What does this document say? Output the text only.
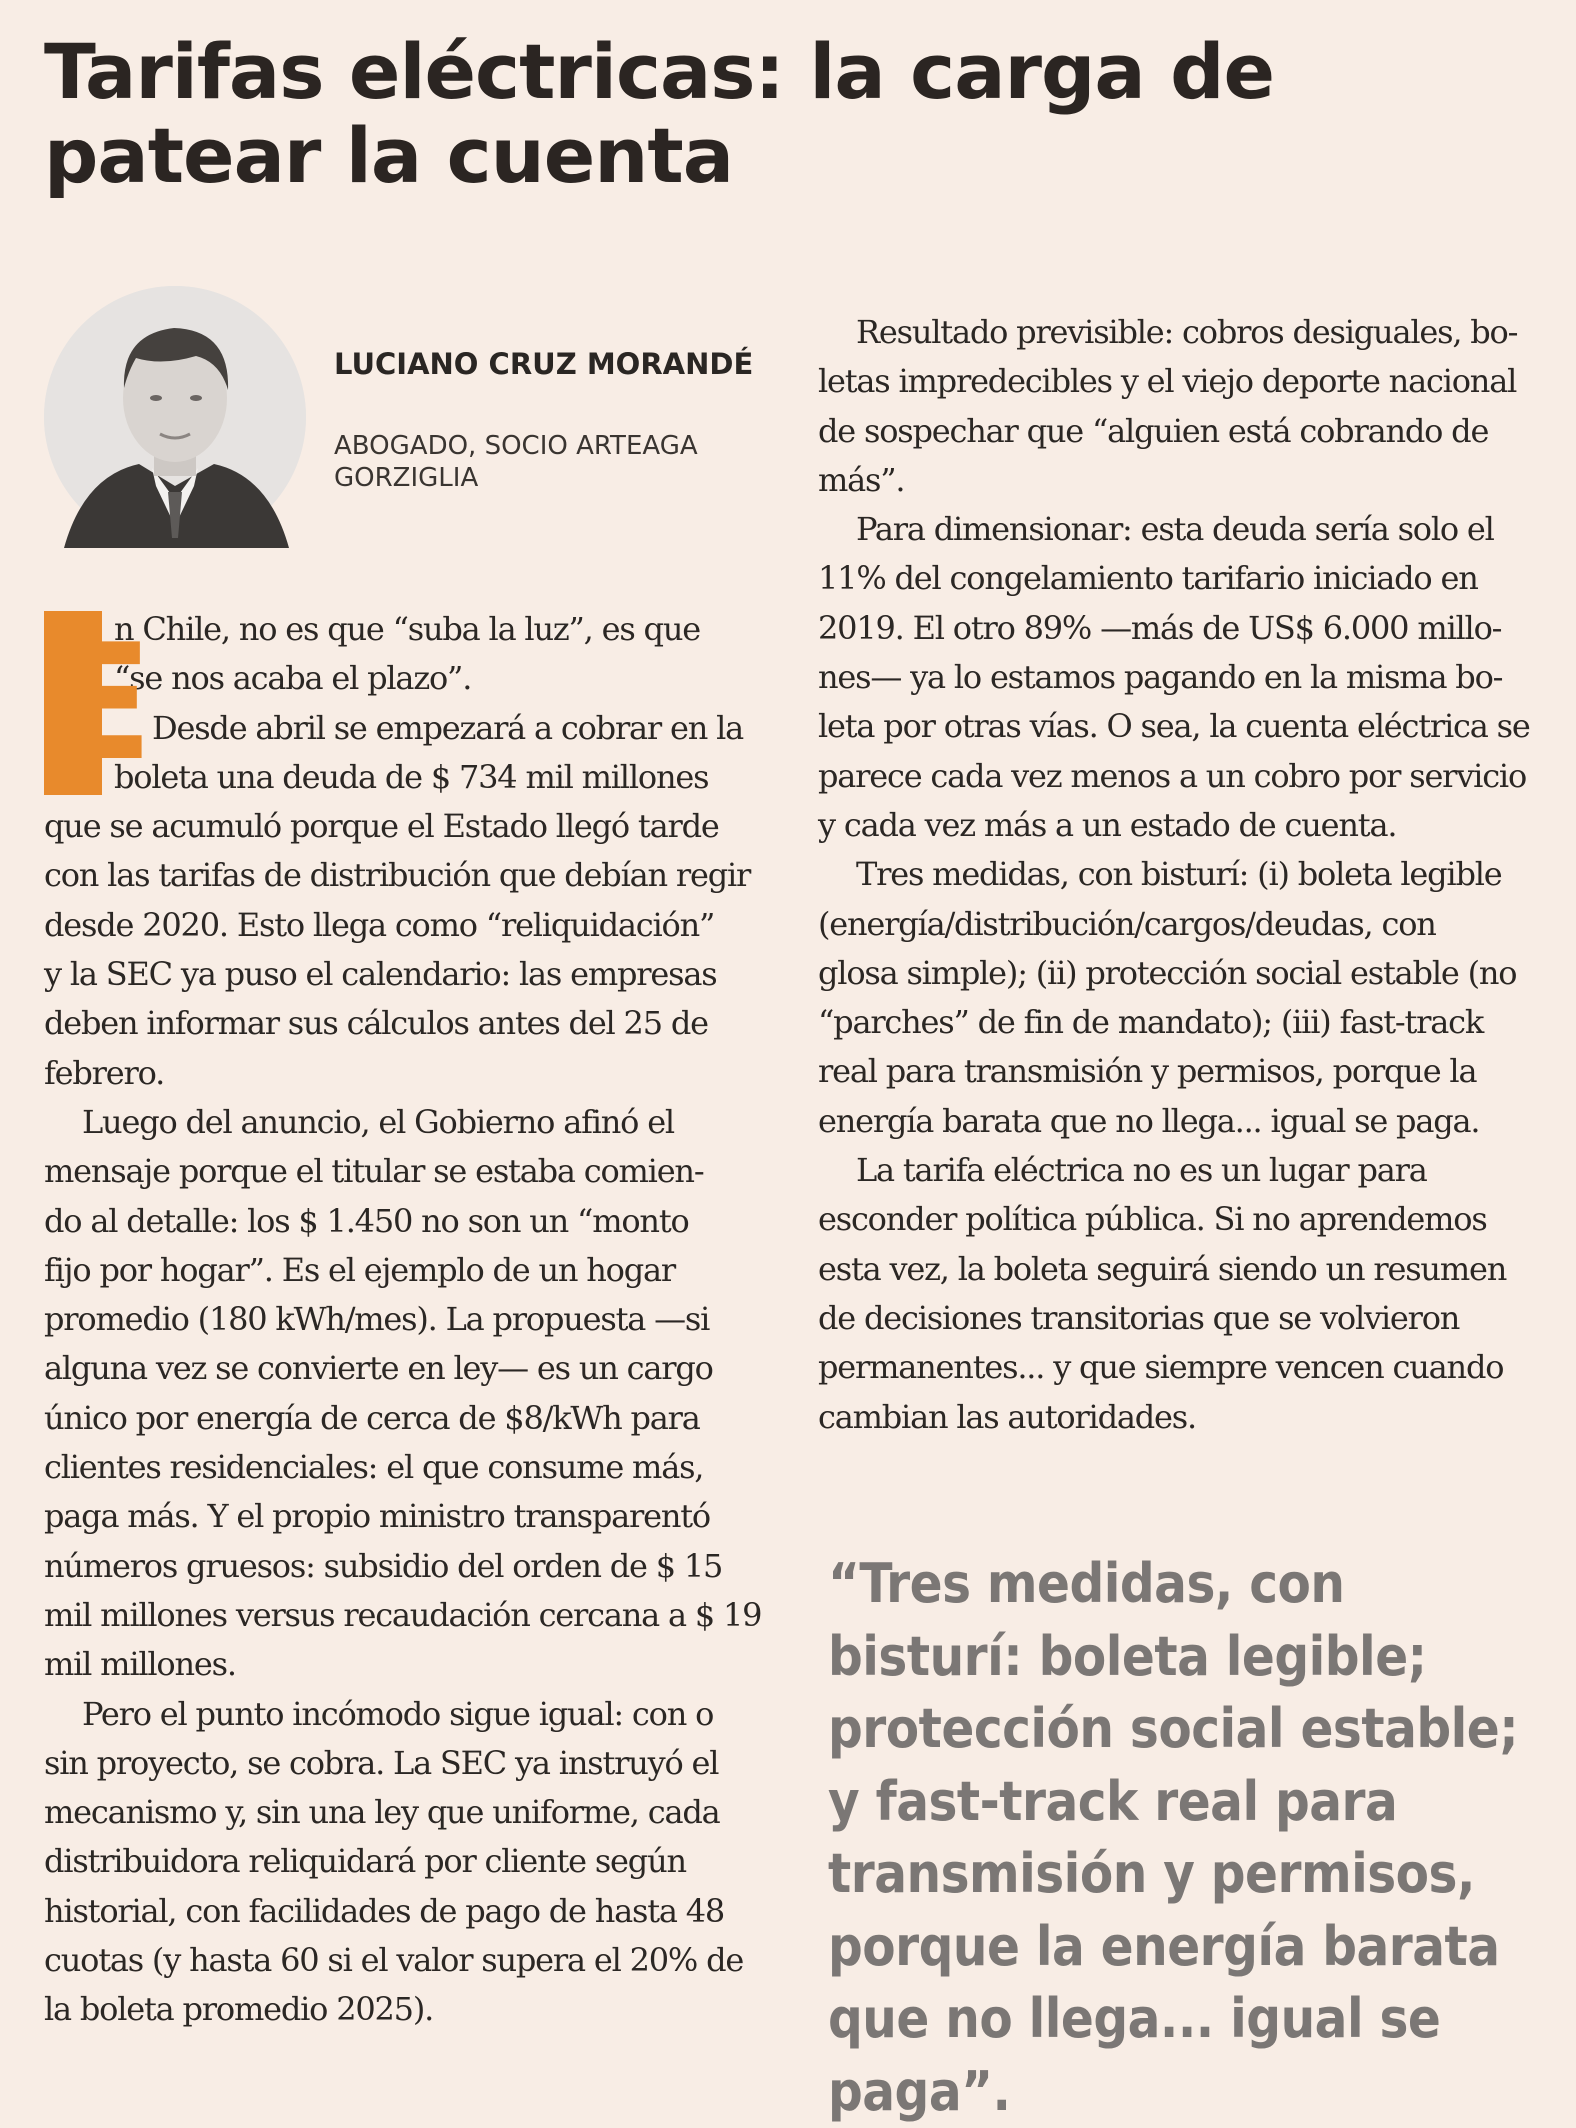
Tarifas eléctricas: la carga de patear la cuenta
LUCIANO CRUZ MORANDÉ
ABOGADO, SOCIO ARTEAGA GORZIGLIA

E
n Chile, no es que “suba la luz”, es que
“se nos acaba el plazo”.

Desde abril se empezará a cobrar en la
boleta una deuda de $ 734 mil millones

que se acumuló porque el Estado llegó tarde
con las tarifas de distribución que debían regir
desde 2020. Esto llega como “reliquidación”
y la SEC ya puso el calendario: las empresas
deben informar sus cálculos antes del 25 de
febrero.

Luego del anuncio, el Gobierno afinó el
mensaje porque el titular se estaba comien-
do al detalle: los $ 1.450 no son un “monto
fijo por hogar”. Es el ejemplo de un hogar
promedio (180 kWh/mes). La propuesta —si
alguna vez se convierte en ley— es un cargo
único por energía de cerca de $8/kWh para
clientes residenciales: el que consume más,
paga más. Y el propio ministro transparentó
números gruesos: subsidio del orden de $ 15
mil millones versus recaudación cercana a $ 19
mil millones.

Pero el punto incómodo sigue igual: con o
sin proyecto, se cobra. La SEC ya instruyó el
mecanismo y, sin una ley que uniforme, cada
distribuidora reliquidará por cliente según
historial, con facilidades de pago de hasta 48
cuotas (y hasta 60 si el valor supera el 20% de
la boleta promedio 2025).

Resultado previsible: cobros desiguales, bo-
letas impredecibles y el viejo deporte nacional
de sospechar que “alguien está cobrando de
más”.

Para dimensionar: esta deuda sería solo el
11% del congelamiento tarifario iniciado en
2019. El otro 89% —más de US$ 6.000 millo-
nes— ya lo estamos pagando en la misma bo-
leta por otras vías. O sea, la cuenta eléctrica se
parece cada vez menos a un cobro por servicio
y cada vez más a un estado de cuenta.

Tres medidas, con bisturí: (i) boleta legible
(energía/distribución/cargos/deudas, con
glosa simple); (ii) protección social estable (no
“parches” de fin de mandato); (iii) fast-track
real para transmisión y permisos, porque la
energía barata que no llega... igual se paga.

La tarifa eléctrica no es un lugar para
esconder política pública. Si no aprendemos
esta vez, la boleta seguirá siendo un resumen
de decisiones transitorias que se volvieron
permanentes... y que siempre vencen cuando
cambian las autoridades.

“Tres medidas, con bisturí: boleta legible; protección social estable; y fast-track real para transmisión y permisos, porque la energía barata que no llega... igual se paga”.
